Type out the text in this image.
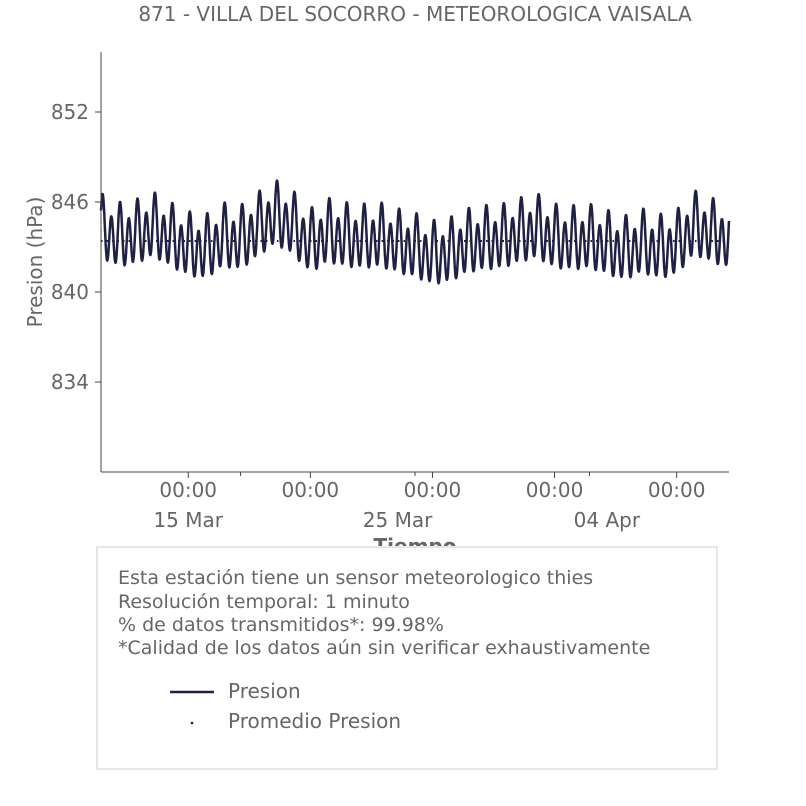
871 - VILLA DEL SOCORRO - METEOROLOGICA VAISALA
852
846
840
834
00:00	00:00	00:00	00:00	00:00
15 Mar	25 Mar	04 Apr
Presion (hPa)
Esta estación tiene un sensor meteorologico thies
Resolución temporal: 1 minuto
% de datos transmitidos*: 99.98%
*Calidad de los datos aún sin verificar exhaustivamente
Presion
Promedio Presion
